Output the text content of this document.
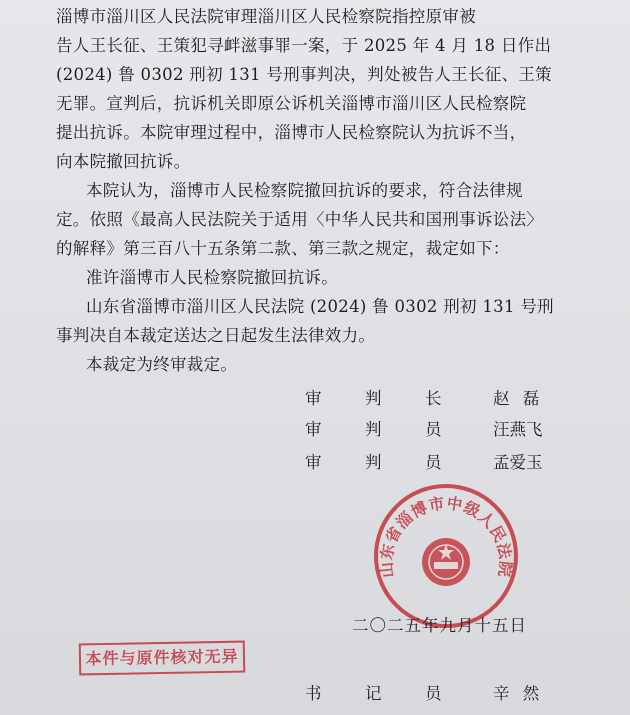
淄博市淄川区人民法院审理淄川区人民检察院指控原审被
告人王长征、王策犯寻衅滋事罪一案，于 2025 年 4 月 18 日作出
(2024) 鲁 0302 刑初 131 号刑事判决，判处被告人王长征、王策
无罪。宣判后，抗诉机关即原公诉机关淄博市淄川区人民检察院
提出抗诉。本院审理过程中，淄博市人民检察院认为抗诉不当，
向本院撤回抗诉。
本院认为，淄博市人民检察院撤回抗诉的要求，符合法律规
定。依照《最高人民法院关于适用〈中华人民共和国刑事诉讼法〉
的解释》第三百八十五条第二款、第三款之规定，裁定如下：
准许淄博市人民检察院撤回抗诉。
山东省淄博市淄川区人民法院 (2024) 鲁 0302 刑初 131 号刑
事判决自本裁定送达之日起发生法律效力。
本裁定为终审裁定。
审	判	长	赵 磊
审	判	员	汪燕飞
审	判	员	孟爱玉
山东省淄博市中级人民法院
二〇二五年九月十五日
本件与原件核对无异
书	记	员	辛 然
